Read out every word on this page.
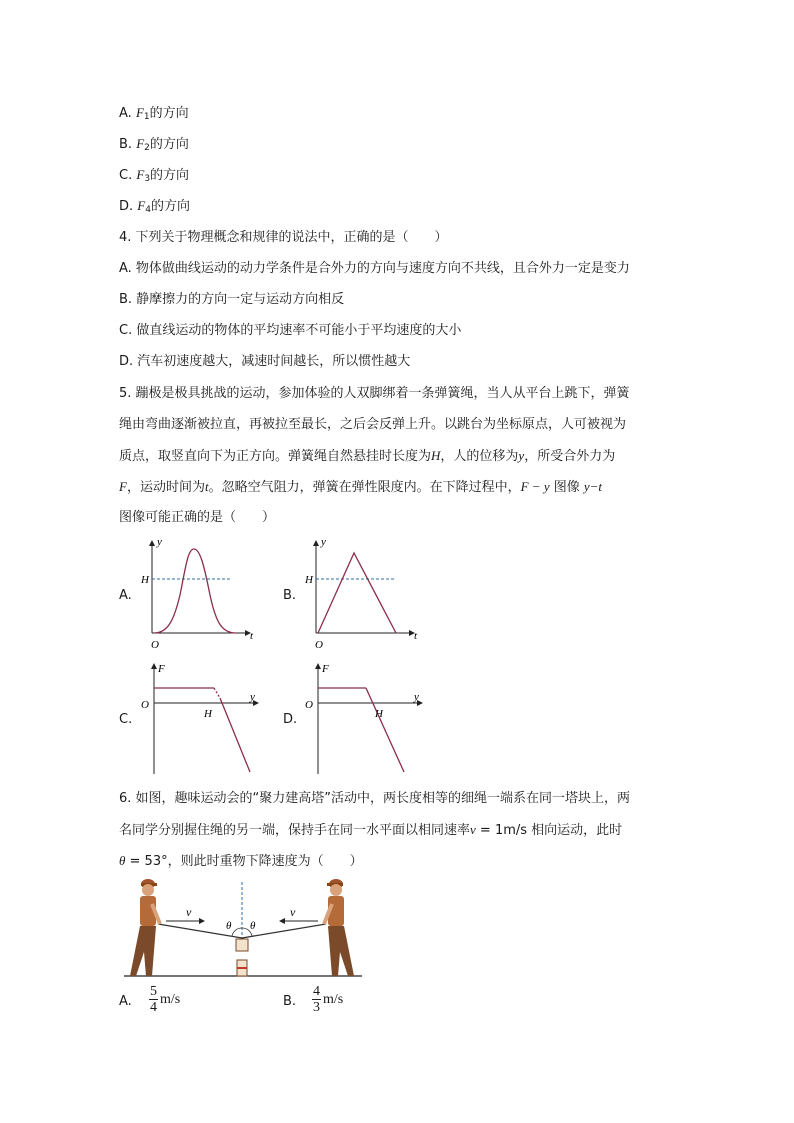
A. $F_1$的方向
B. $F_2$的方向
C. $F_3$的方向
D. $F_4$的方向
4. 下列关于物理概念和规律的说法中，正确的是（　　）
A. 物体做曲线运动的动力学条件是合外力的方向与速度方向不共线，且合外力一定是变力
B. 静摩擦力的方向一定与运动方向相反
C. 做直线运动的物体的平均速率不可能小于平均速度的大小
D. 汽车初速度越大，减速时间越长，所以惯性越大
5. 蹦极是极具挑战的运动，参加体验的人双脚绑着一条弹簧绳，当人从平台上跳下，弹簧
绳由弯曲逐渐被拉直，再被拉至最长，之后会反弹上升。以跳台为坐标原点，人可被视为
质点，取竖直向下为正方向。弹簧绳自然悬挂时长度为H，人的位移为y，所受合外力为
F，运动时间为t。忽略空气阻力，弹簧在弹性限度内。在下降过程中，F − y 图像 y−t
图像可能正确的是（　　）
A.
y
t
H
O
B.
y
t
H
O
C.
F
y
O
H	D.
F
y
O
H
6. 如图，趣味运动会的“聚力建高塔”活动中，两长度相等的细绳一端系在同一塔块上，两
名同学分别握住绳的另一端，保持手在同一水平面以相同速率v = 1m/s 相向运动，此时
θ = 53°，则此时重物下降速度为（　　）
v	v
θ θ
A. $\frac{5}{4} m/s$	B. $\frac{4}{3} m/s$
